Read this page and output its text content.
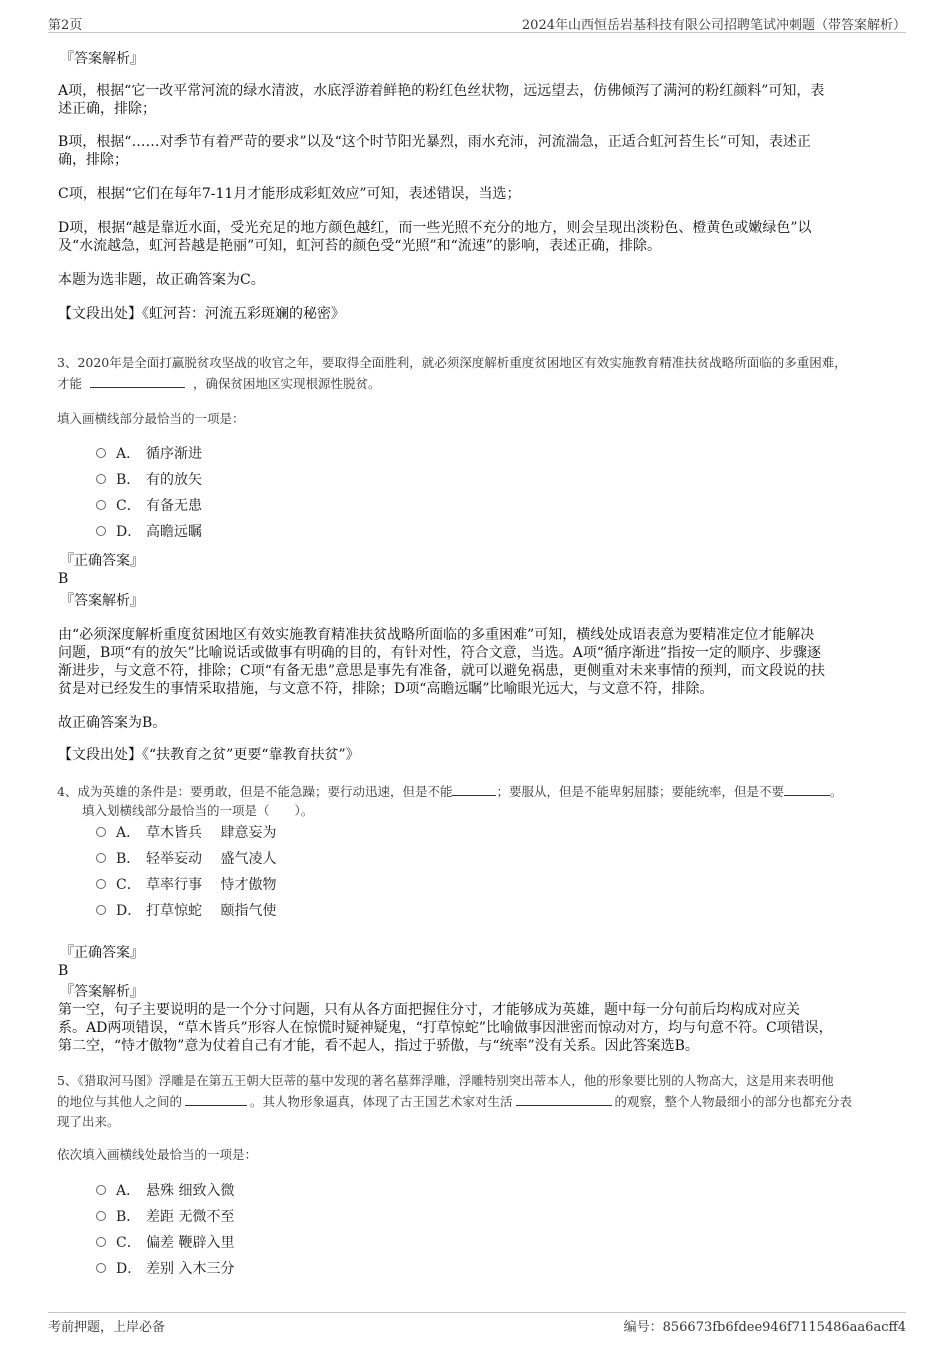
第2页	2024年山西恒岳岩基科技有限公司招聘笔试冲刺题（带答案解析）
『答案解析』
A项，根据“它一改平常河流的绿水清波，水底浮游着鲜艳的粉红色丝状物，远远望去，仿佛倾泻了满河的粉红颜料”可知，表
述正确，排除；
B项，根据“……对季节有着严苛的要求”以及“这个时节阳光暴烈，雨水充沛，河流湍急，正适合虹河苔生长”可知，表述正
确，排除；
C项，根据“它们在每年7-11月才能形成彩虹效应”可知，表述错误，当选；
D项，根据“越是靠近水面，受光充足的地方颜色越红，而一些光照不充分的地方，则会呈现出淡粉色、橙黄色或嫩绿色”以
及“水流越急，虹河苔越是艳丽”可知，虹河苔的颜色受“光照”和“流速”的影响，表述正确，排除。
本题为选非题，故正确答案为C。
【文段出处】《虹河苔：河流五彩斑斓的秘密》
3、2020年是全面打赢脱贫攻坚战的收官之年，要取得全面胜利，就必须深度解析重度贫困地区有效实施教育精准扶贫战略所面临的多重困难，
才能	，确保贫困地区实现根源性脱贫。
填入画横线部分最恰当的一项是：
A． 循序渐进
B． 有的放矢
C． 有备无患
D． 高瞻远瞩
『正确答案』
B
『答案解析』
由“必须深度解析重度贫困地区有效实施教育精准扶贫战略所面临的多重困难”可知，横线处成语表意为要精准定位才能解决
问题，B项“有的放矢”比喻说话或做事有明确的目的，有针对性，符合文意，当选。A项“循序渐进”指按一定的顺序、步骤逐
渐进步，与文意不符，排除；C项“有备无患”意思是事先有准备，就可以避免祸患，更侧重对未来事情的预判，而文段说的扶
贫是对已经发生的事情采取措施，与文意不符，排除；D项“高瞻远瞩”比喻眼光远大，与文意不符，排除。
故正确答案为B。
【文段出处】《“扶教育之贫”更要“靠教育扶贫”》
4、成为英雄的条件是：要勇敢，但是不能急躁；要行动迅速，但是不能	；要服从，但是不能卑躬屈膝；要能统率，但是不要	。
填入划横线部分最恰当的一项是（　　）。
A． 草木皆兵　 肆意妄为
B． 轻举妄动　 盛气凌人
C． 草率行事　 恃才傲物
D． 打草惊蛇　 颐指气使
『正确答案』
B
『答案解析』
第一空，句子主要说明的是一个分寸问题，只有从各方面把握住分寸，才能够成为英雄，题中每一分句前后均构成对应关
系。AD两项错误，“草木皆兵”形容人在惊慌时疑神疑鬼，“打草惊蛇”比喻做事因泄密而惊动对方，均与句意不符。C项错误，
第二空，“恃才傲物”意为仗着自己有才能，看不起人，指过于骄傲，与“统率”没有关系。因此答案选B。
5、《猎取河马图》浮雕是在第五王朝大臣蒂的墓中发现的著名墓葬浮雕，浮雕特别突出蒂本人，他的形象要比别的人物高大，这是用来表明他
的地位与其他人之间的	。其人物形象逼真，体现了古王国艺术家对生活	的观察，整个人物最细小的部分也都充分表
现了出来。
依次填入画横线处最恰当的一项是：
A． 悬殊 细致入微
B． 差距 无微不至
C． 偏差 鞭辟入里
D． 差别 入木三分
考前押题，上岸必备	编号：856673fb6fdee946f7115486aa6acff4
